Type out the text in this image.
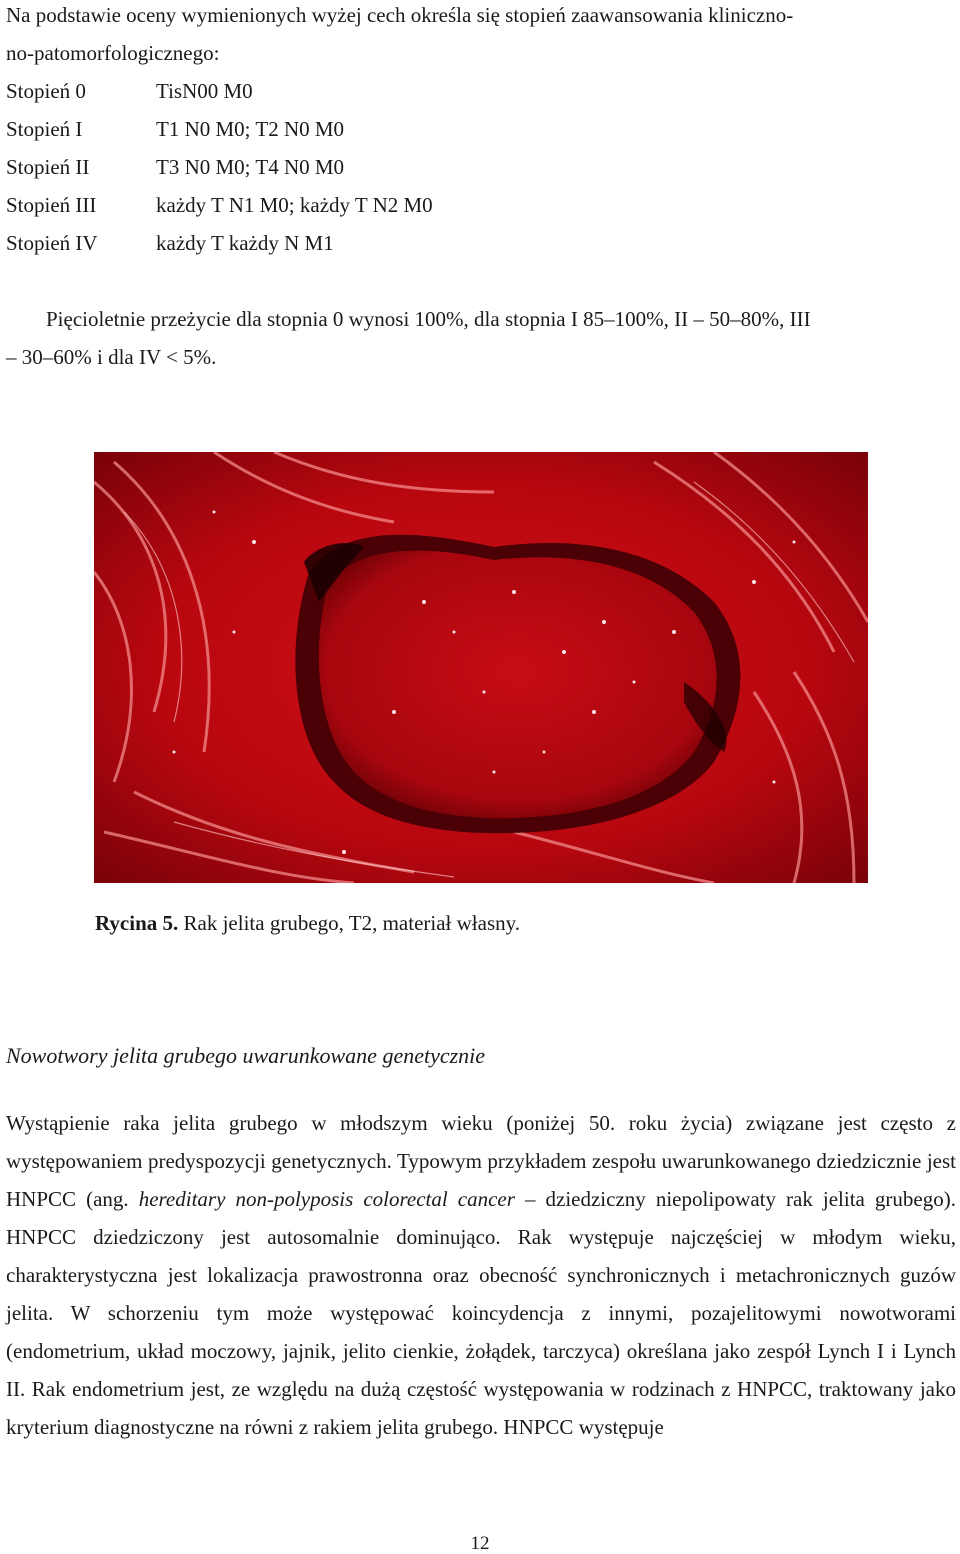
Na podstawie oceny wymienionych wyżej cech określa się stopień zaawansowania kliniczno-
no-patomorfologicznego:
Stopień 0	TisN00 M0
Stopień I	T1 N0 M0; T2 N0 M0
Stopień II	T3 N0 M0; T4 N0 M0
Stopień III	każdy T N1 M0; każdy T N2 M0
Stopień IV	każdy T każdy N M1
Pięcioletnie przeżycie dla stopnia 0 wynosi 100%, dla stopnia I 85–100%, II – 50–80%, III
– 30–60% i dla IV < 5%.
Rycina 5. Rak jelita grubego, T2, materiał własny.
Nowotwory jelita grubego uwarunkowane genetycznie
Wystąpienie raka jelita grubego w młodszym wieku (poniżej 50. roku życia) związane jest często z występowaniem predyspozycji genetycznych. Typowym przykładem zespołu uwarunkowanego dziedzicznie jest HNPCC (ang. hereditary non-polyposis colorectal cancer – dziedziczny niepolipowaty rak jelita grubego). HNPCC dziedziczony jest autosomalnie dominująco. Rak występuje najczęściej w młodym wieku, charakterystyczna jest lokalizacja prawostronna oraz obecność synchronicznych i metachronicznych guzów jelita. W schorzeniu tym może występować koincydencja z innymi, pozajelitowymi nowotworami (endometrium, układ moczowy, jajnik, jelito cienkie, żołądek, tarczyca) określana jako zespół Lynch I i Lynch II. Rak endometrium jest, ze względu na dużą częstość występowania w rodzinach z HNPCC, traktowany jako kryterium diagnostyczne na równi z rakiem jelita grubego. HNPCC występuje
12
